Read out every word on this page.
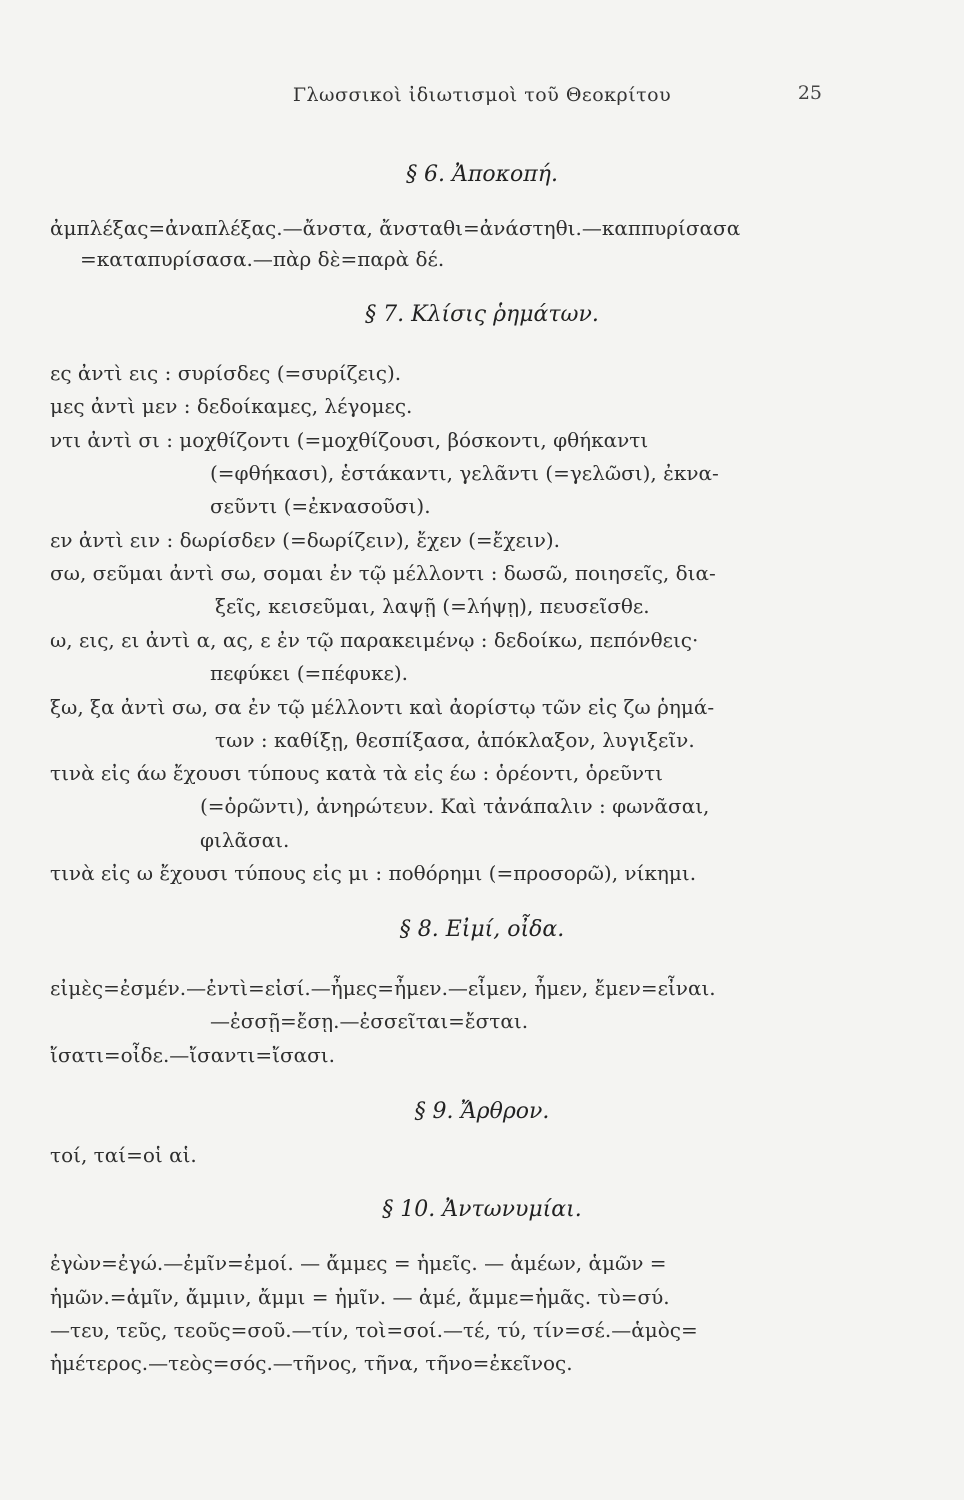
Γλωσσικοὶ ἰδιωτισμοὶ τοῦ Θεοκρίτου	25
§ 6. Ἀποκοπή.
ἀμπλέξας=ἀναπλέξας.—ἄνστα, ἄνσταθι=ἀνάστηθι.—καππυρίσασα
=καταπυρίσασα.—πὰρ δὲ=παρὰ δέ.
§ 7. Κλίσις ῥημάτων.
ες ἀντὶ εις : συρίσδες (=συρίζεις).
μες ἀντὶ μεν : δεδοίκαμες, λέγομες.
ντι ἀντὶ σι : μοχθίζοντι (=μοχθίζουσι, βόσκοντι, φθήκαντι
(=φθήκασι), ἑστάκαντι, γελᾶντι (=γελῶσι), ἐκνα-
σεῦντι (=ἐκνασοῦσι).
εν ἀντὶ ειν : δωρίσδεν (=δωρίζειν), ἔχεν (=ἔχειν).
σω, σεῦμαι ἀντὶ σω, σομαι ἐν τῷ μέλλοντι : δωσῶ, ποιησεῖς, δια-
ξεῖς, κεισεῦμαι, λαψῇ (=λήψῃ), πευσεῖσθε.
ω, εις, ει ἀντὶ α, ας, ε ἐν τῷ παρακειμένῳ : δεδοίκω, πεπόνθεις·
πεφύκει (=πέφυκε).
ξω, ξα ἀντὶ σω, σα ἐν τῷ μέλλοντι καὶ ἀορίστῳ τῶν εἰς ζω ῥημά-
των : καθίξῃ, θεσπίξασα, ἀπόκλαξον, λυγιξεῖν.
τινὰ εἰς άω ἔχουσι τύπους κατὰ τὰ εἰς έω : ὁρέοντι, ὁρεῦντι
(=ὁρῶντι), ἀνηρώτευν. Καὶ τἀνάπαλιν : φωνᾶσαι,
φιλᾶσαι.
τινὰ εἰς ω ἔχουσι τύπους εἰς μι : ποθόρημι (=προσορῶ), νίκημι.
§ 8. Εἰμί, οἶδα.
εἰμὲς=ἐσμέν.—ἐντὶ=εἰσί.—ἦμες=ἦμεν.—εἶμεν, ἦμεν, ἔμεν=εἶναι.
—ἐσσῇ=ἔσῃ.—ἐσσεῖται=ἔσται.
ἴσατι=οἶδε.—ἴσαντι=ἴσασι.
§ 9. Ἄρθρον.
τοί, ταί=οἱ αἱ.
§ 10. Ἀντωνυμίαι.
ἐγὼν=ἐγώ.—ἐμῖν=ἐμοί. — ἄμμες = ἡμεῖς. — ἁμέων, ἁμῶν =
ἡμῶν.=ἁμῖν, ἄμμιν, ἄμμι = ἡμῖν. — ἀμέ, ἄμμε=ἡμᾶς. τὺ=σύ.
—τευ, τεῦς, τεοῦς=σοῦ.—τίν, τοὶ=σοί.—τέ, τύ, τίν=σέ.—ἁμὸς=
ἡμέτερος.—τεὸς=σός.—τῆνος, τῆνα, τῆνο=ἐκεῖνος.
